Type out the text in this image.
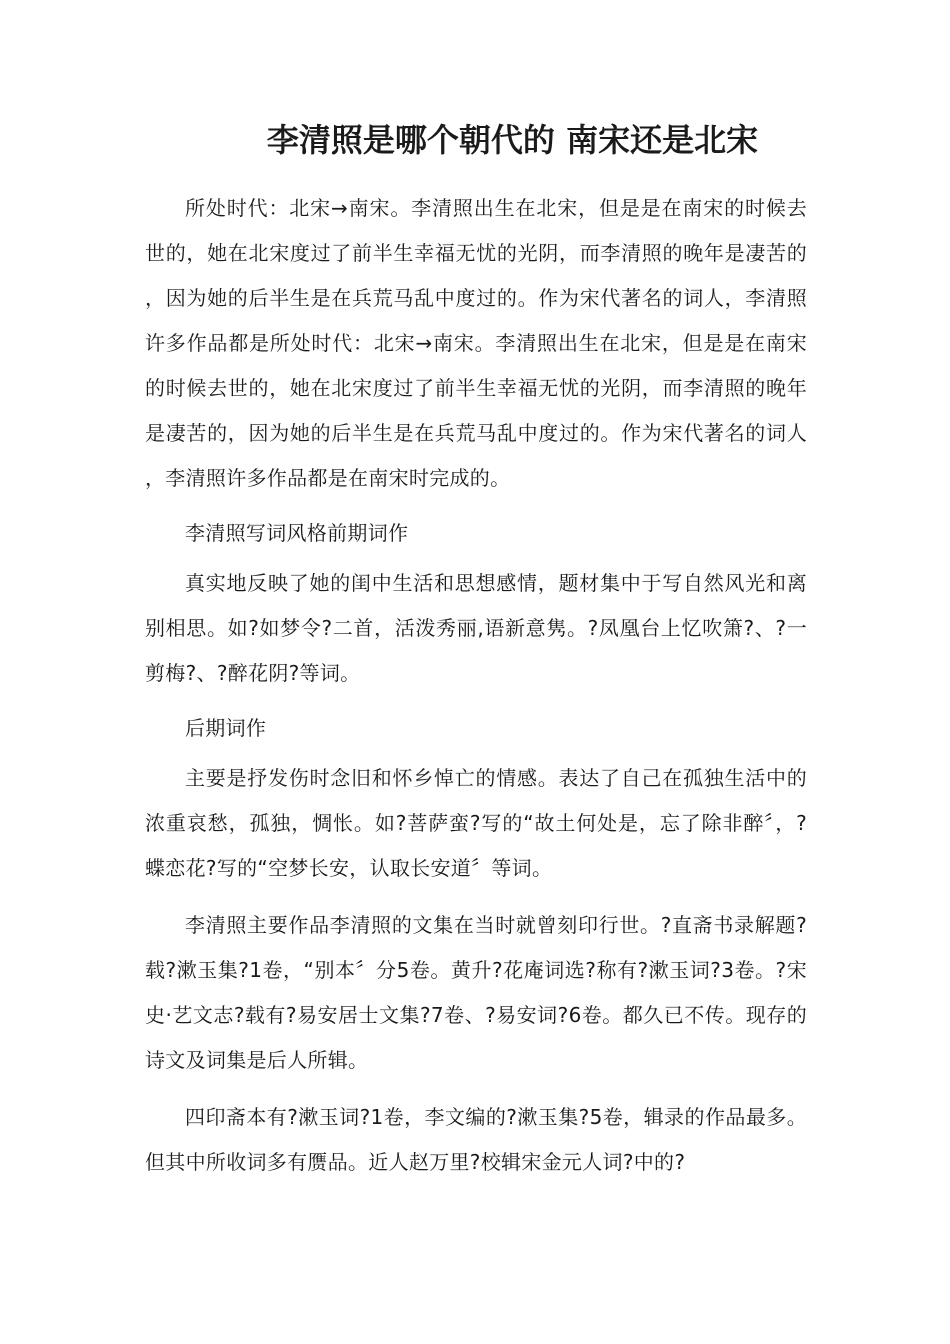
李清照是哪个朝代的 南宋还是北宋

所处时代：北宋→南宋。李清照出生在北宋，但是是在南宋的时候去世的，她在北宋度过了前半生幸福无忧的光阴，而李清照的晚年是凄苦的，因为她的后半生是在兵荒马乱中度过的。作为宋代著名的词人，李清照许多作品都是所处时代：北宋→南宋。李清照出生在北宋，但是是在南宋的时候去世的，她在北宋度过了前半生幸福无忧的光阴，而李清照的晚年是凄苦的，因为她的后半生是在兵荒马乱中度过的。作为宋代著名的词人，李清照许多作品都是在南宋时完成的。

李清照写词风格前期词作

真实地反映了她的闺中生活和思想感情，题材集中于写自然风光和离别相思。如?如梦令?二首，活泼秀丽,语新意隽。?凤凰台上忆吹箫?、?一剪梅?、?醉花阴?等词。

后期词作

主要是抒发伤时念旧和怀乡悼亡的情感。表达了自己在孤独生活中的浓重哀愁，孤独，惆怅。如?菩萨蛮?写的“故土何处是，忘了除非醉〞，?蝶恋花?写的“空梦长安，认取长安道〞等词。

李清照主要作品李清照的文集在当时就曾刻印行世。?直斋书录解题?载?漱玉集?1卷，“别本〞分5卷。黄升?花庵词选?称有?漱玉词?3卷。?宋史·艺文志?载有?易安居士文集?7卷、?易安词?6卷。都久已不传。现存的诗文及词集是后人所辑。

四印斋本有?漱玉词?1卷，李文编的?漱玉集?5卷，辑录的作品最多。但其中所收词多有赝品。近人赵万里?校辑宋金元人词?中的?
